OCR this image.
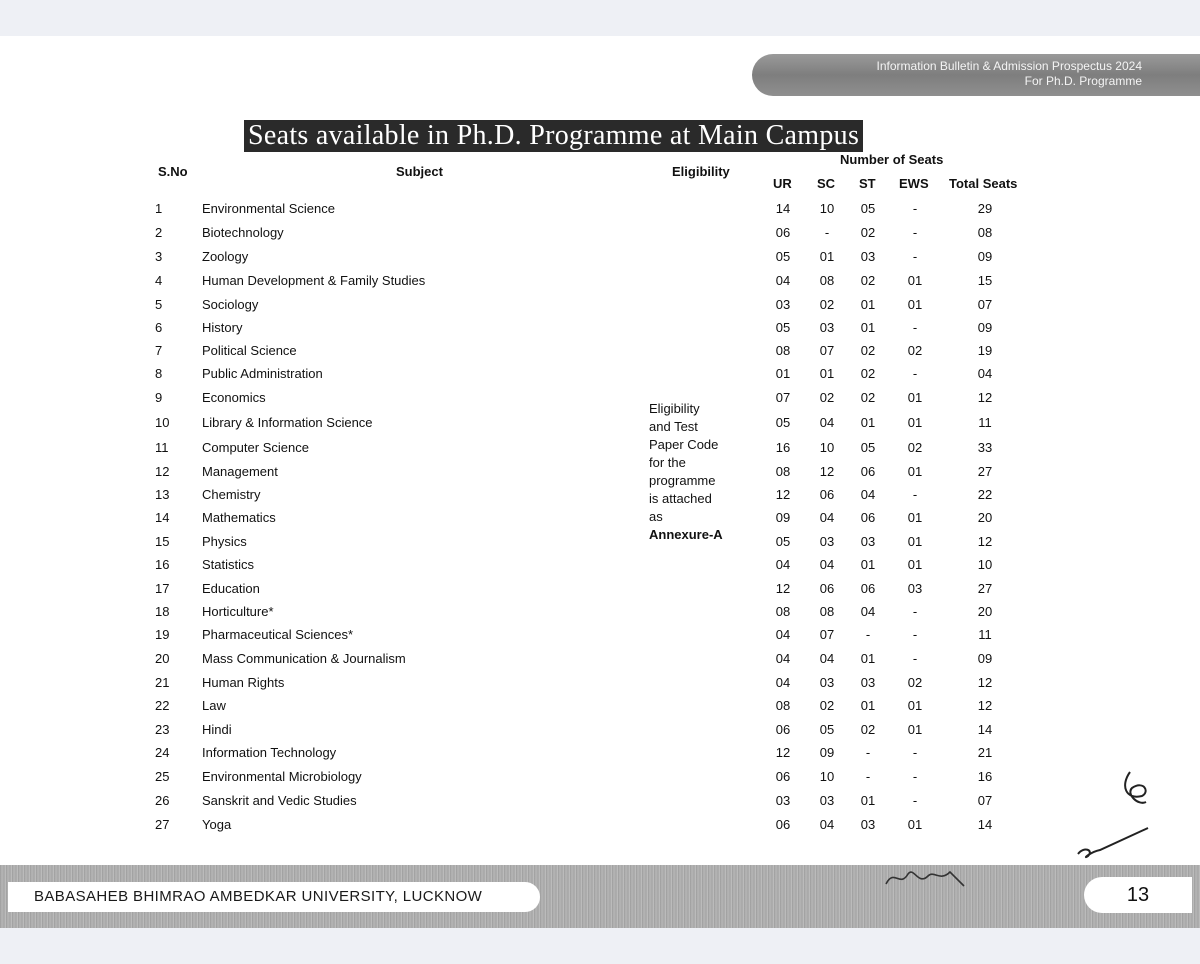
Information Bulletin & Admission Prospectus 2024
For Ph.D. Programme
Seats available in Ph.D. Programme at Main Campus
S.No	Subject	Eligibility
Number of Seats
UR SC ST EWS Total Seats
1	Environmental Science	14	10	05	-	29
2	Biotechnology	06	-	02	-	08
3	Zoology	05	01	03	-	09
4	Human Development & Family Studies	04	08	02	01	15
5	Sociology	03	02	01	01	07
6	History	05	03	01	-	09
7	Political Science	08	07	02	02	19
8	Public Administration	01	01	02	-	04
9	Economics	07	02	02	01	12
10	Library & Information Science	05	04	01	01	11
11	Computer Science	16	10	05	02	33
12	Management	08	12	06	01	27
13	Chemistry	12	06	04	-	22
14	Mathematics	09	04	06	01	20
15	Physics	05	03	03	01	12
16	Statistics	04	04	01	01	10
17	Education	12	06	06	03	27
18	Horticulture*	08	08	04	-	20
19	Pharmaceutical Sciences*	04	07	-	-	11
20	Mass Communication & Journalism	04	04	01	-	09
21	Human Rights	04	03	03	02	12
22	Law	08	02	01	01	12
23	Hindi	06	05	02	01	14
24	Information Technology	12	09	-	-	21
25	Environmental Microbiology	06	10	-	-	16
26	Sanskrit and Vedic Studies	03	03	01	-	07
27	Yoga	06	04	03	01	14
Eligibility
and Test
Paper Code
for the
programme
is attached
as
Annexure-A
BABASAHEB BHIMRAO AMBEDKAR UNIVERSITY, LUCKNOW	13
